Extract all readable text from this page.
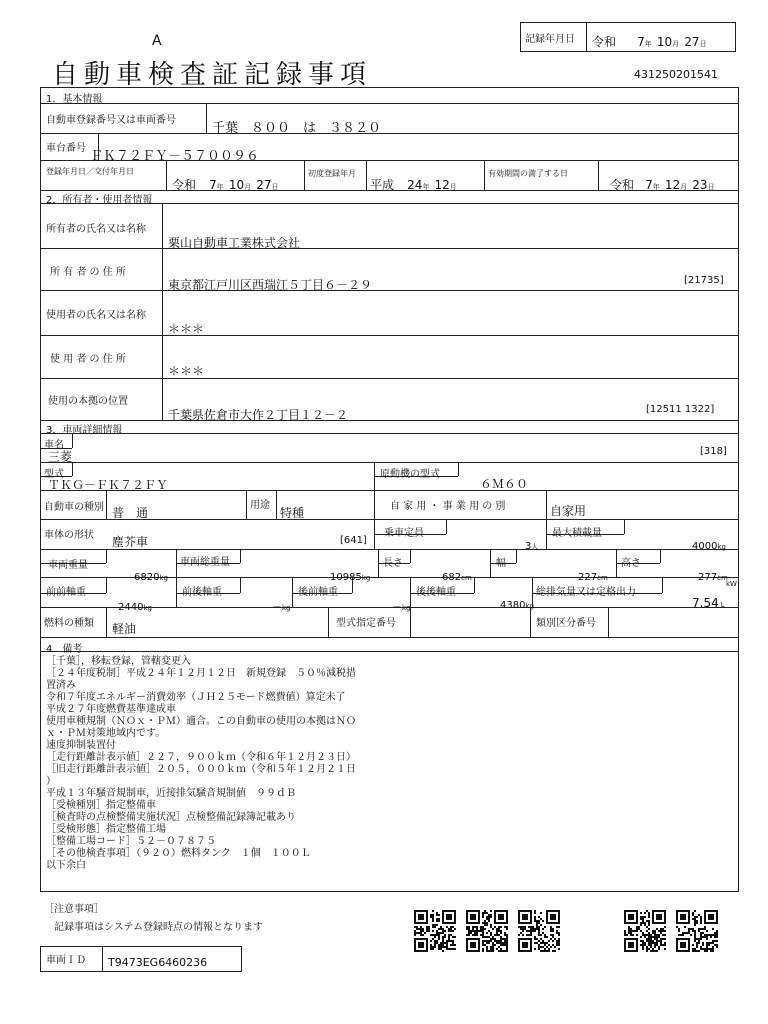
A
自動車検査証記録事項
記録年月日 令和 7年 10月 27日
431250201541
1．基本情報
自動車登録番号又は車両番号
千葉　８００　は　３８２０
車台番号
ＦＫ７２ＦＹ－５７００９６
登録年月日／交付年月日
令和 7年 10月 27日
初度登録年月
平成 24年 12月
有効期間の満了する日
令和 7年 12月 23日
2．所有者・使用者情報
所有者の氏名又は名称
栗山自動車工業株式会社
所 有 者 の 住 所
東京都江戸川区西瑞江５丁目６－２９	[21735]
使用者の氏名又は名称
＊＊＊
使 用 者 の 住 所
＊＊＊
使用の本拠の位置
千葉県佐倉市大作２丁目１２－２	[12511 1322]
3．車両詳細情報
車名
三菱	[318]
型式
ＴＫＧ－ＦＫ７２ＦＹ
原動機の型式
６Ｍ６０
自動車の種別 普　通
用途
特種	自 家 用 ・ 事 業 用 の 別	自家用
車体の形状 塵芥車	[641]
乗車定員
3人
最大積載量
4000kg
車両重量
6820kg
車両総重量
10985kg
長さ
682cm
幅
227cm
高さ
277cm
前前軸重
2440kg
前後軸重
－kg
後前軸重
－kg
後後軸重
4380kg
総排気量又は定格出力
kW
7.54 L
燃料の種類 軽油	型式指定番号	類別区分番号
4．備考
［千葉］，移転登録，管轄変更入
［２４年度税制］平成２４年１２月１２日　新規登録　５０％減税措
置済み
令和７年度エネルギー消費効率（ＪＨ２５モード燃費値）算定未了
平成２７年度燃費基準達成車
使用車種規制（ＮＯｘ・ＰＭ）適合。この自動車の使用の本拠はＮＯ
ｘ・ＰＭ対策地域内です。
速度抑制装置付
［走行距離計表示値］２２７，９００ｋｍ（令和６年１２月２３日）
［旧走行距離計表示値］２０５，０００ｋｍ（令和５年１２月２１日
）
平成１３年騒音規制車，近接排気騒音規制値　９９ｄＢ
［受検種別］指定整備車
［検査時の点検整備実施状況］点検整備記録簿記載あり
［受検形態］指定整備工場
［整備工場コード］５２－０７８７５
［その他検査事項］（９２０）燃料タンク　１個　１００Ｌ
以下余白
［注意事項］
記録事項はシステム登録時点の情報となります
車両ＩＤ T9473EG6460236
